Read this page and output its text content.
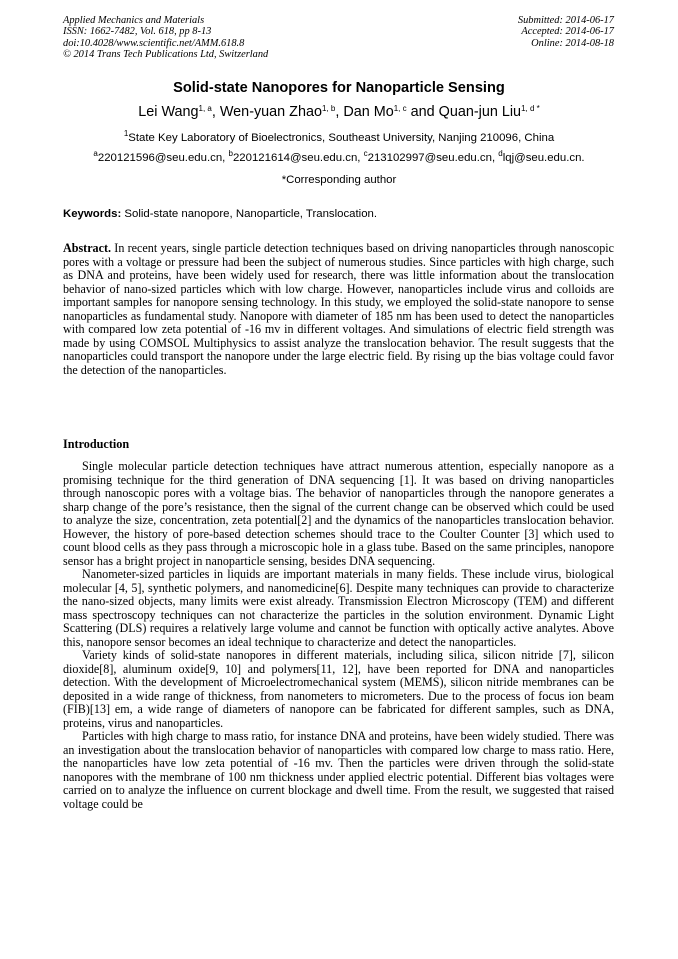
Applied Mechanics and Materials
ISSN: 1662-7482, Vol. 618, pp 8-13
doi:10.4028/www.scientific.net/AMM.618.8
© 2014 Trans Tech Publications Ltd, Switzerland
Submitted: 2014-06-17
Accepted: 2014-06-17
Online: 2014-08-18
Solid-state Nanopores for Nanoparticle Sensing
Lei Wang$^{1, a}$, Wen-yuan Zhao$^{1, b}$, Dan Mo$^{1, c}$ and Quan-jun Liu$^{1, d *}$
$^1$State Key Laboratory of Bioelectronics, Southeast University, Nanjing 210096, China
$^a$220121596@seu.edu.cn, $^b$220121614@seu.edu.cn, $^c$213102997@seu.edu.cn, $^d$lqj@seu.edu.cn.
*Corresponding author
Keywords: Solid-state nanopore, Nanoparticle, Translocation.

Abstract. In recent years, single particle detection techniques based on driving nanoparticles through nanoscopic pores with a voltage or pressure had been the subject of numerous studies. Since particles with high charge, such as DNA and proteins, have been widely used for research, there was little information about the translocation behavior of nano-sized particles which with low charge. However, nanoparticles include virus and colloids are important samples for nanopore sensing technology. In this study, we employed the solid-state nanopore to sense nanoparticles as fundamental study. Nanopore with diameter of 185 nm has been used to detect the nanoparticles with compared low zeta potential of -16 mv in different voltages. And simulations of electric field strength was made by using COMSOL Multiphysics to assist analyze the translocation behavior. The result suggests that the nanoparticles could transport the nanopore under the large electric field. By rising up the bias voltage could favor the detection of the nanoparticles.

Introduction

Single molecular particle detection techniques have attract numerous attention, especially nanopore as a promising technique for the third generation of DNA sequencing [1]. It was based on driving nanoparticles through nanoscopic pores with a voltage bias. The behavior of nanoparticles through the nanopore generates a sharp change of the pore’s resistance, then the signal of the current change can be observed which could be used to analyze the size, concentration, zeta potential[2] and the dynamics of the nanoparticles translocation behavior. However, the history of pore-based detection schemes should trace to the Coulter Counter [3] which used to count blood cells as they pass through a microscopic hole in a glass tube. Based on the same principles, nanopore sensor has a bright project in nanoparticle sensing, besides DNA sequencing.

Nanometer-sized particles in liquids are important materials in many fields. These include virus, biological molecular [4, 5], synthetic polymers, and nanomedicine[6]. Despite many techniques can provide to characterize the nano-sized objects, many limits were exist already. Transmission Electron Microscopy (TEM) and different mass spectroscopy techniques can not characterize the particles in the solution environment. Dynamic Light Scattering (DLS) requires a relatively large volume and cannot be function with optically active analytes. Above this, nanopore sensor becomes an ideal technique to characterize and detect the nanoparticles.

Variety kinds of solid-state nanopores in different materials, including silica, silicon nitride [7], silicon dioxide[8], aluminum oxide[9, 10] and polymers[11, 12], have been reported for DNA and nanoparticles detection. With the development of Microelectromechanical system (MEMS), silicon nitride membranes can be deposited in a wide range of thickness, from nanometers to micrometers. Due to the process of focus ion beam (FIB)[13] em, a wide range of diameters of nanopore can be fabricated for different samples, such as DNA, proteins, virus and nanoparticles.

Particles with high charge to mass ratio, for instance DNA and proteins, have been widely studied. There was an investigation about the translocation behavior of nanoparticles with compared low charge to mass ratio. Here, the nanoparticles have low zeta potential of -16 mv. Then the particles were driven through the solid-state nanopores with the membrane of 100 nm thickness under applied electric potential. Different bias voltages were carried on to analyze the influence on current blockage and dwell time. From the result, we suggested that raised voltage could be
